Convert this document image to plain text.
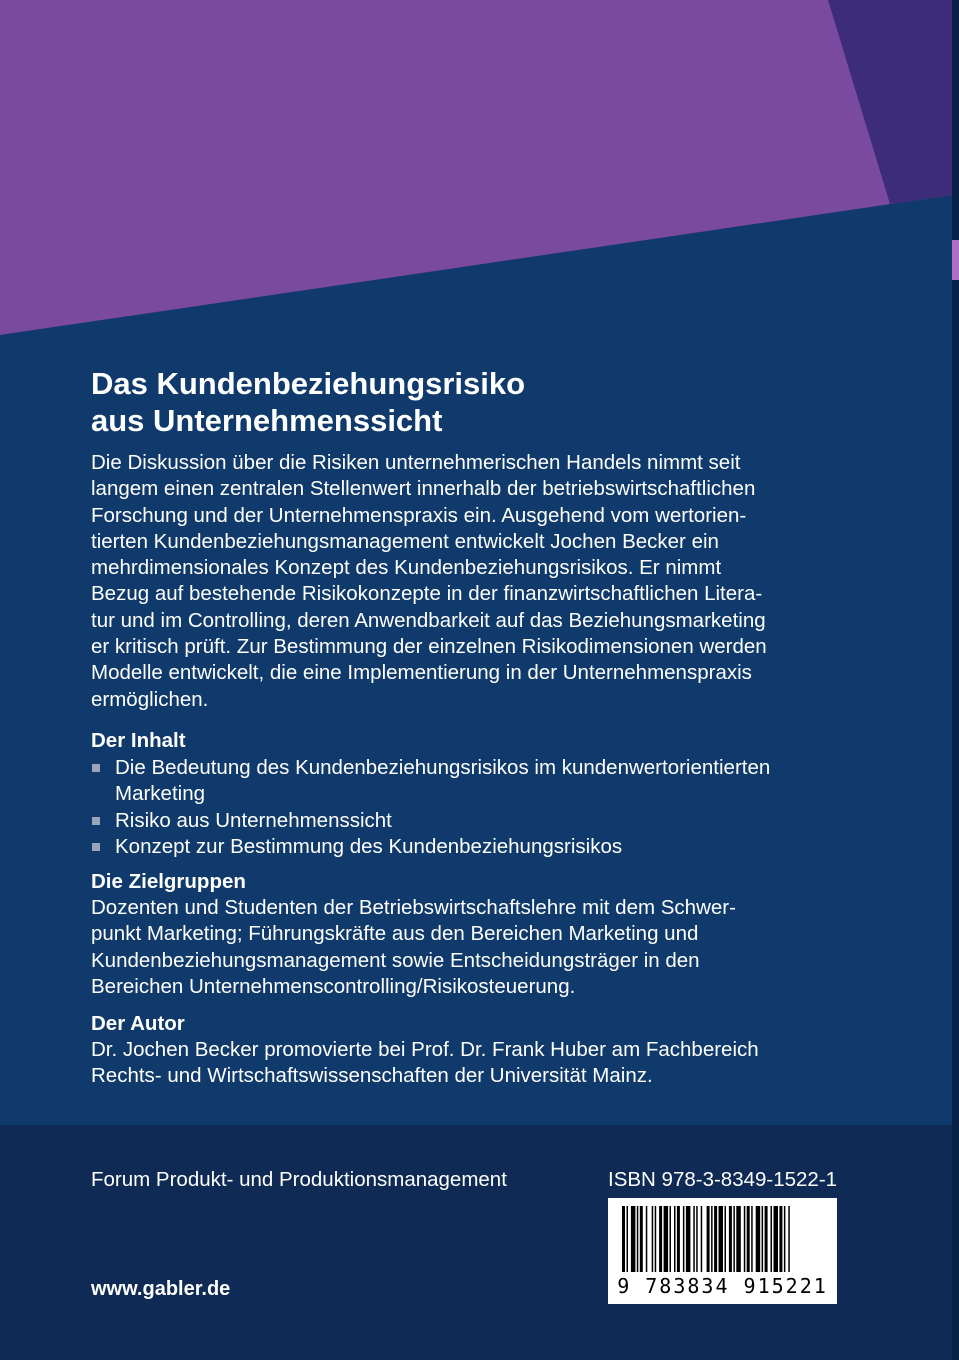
Das Kundenbeziehungsrisiko
aus Unternehmenssicht

Die Diskussion über die Risiken unternehmerischen Handels nimmt seit
langem einen zentralen Stellenwert innerhalb der betriebswirtschaftlichen
Forschung und der Unternehmenspraxis ein. Ausgehend vom wertorien-
tierten Kundenbeziehungsmanagement entwickelt Jochen Becker ein
mehrdimensionales Konzept des Kundenbeziehungsrisikos. Er nimmt
Bezug auf bestehende Risikokonzepte in der finanzwirtschaftlichen Litera-
tur und im Controlling, deren Anwendbarkeit auf das Beziehungsmarketing
er kritisch prüft. Zur Bestimmung der einzelnen Risikodimensionen werden
Modelle entwickelt, die eine Implementierung in der Unternehmenspraxis
ermöglichen.

Der Inhalt
Die Bedeutung des Kundenbeziehungsrisikos im kundenwertorientierten
Marketing
Risiko aus Unternehmenssicht
Konzept zur Bestimmung des Kundenbeziehungsrisikos
Die Zielgruppen

Dozenten und Studenten der Betriebswirtschaftslehre mit dem Schwer-
punkt Marketing; Führungskräfte aus den Bereichen Marketing und
Kundenbeziehungsmanagement sowie Entscheidungsträger in den
Bereichen Unternehmenscontrolling/Risikosteuerung.

Der Autor

Dr. Jochen Becker promovierte bei Prof. Dr. Frank Huber am Fachbereich
Rechts- und Wirtschaftswissenschaften der Universität Mainz.

Forum Produkt- und Produktionsmanagement	ISBN 978-3-8349-1522-1
9 783834 915221
www.gabler.de
